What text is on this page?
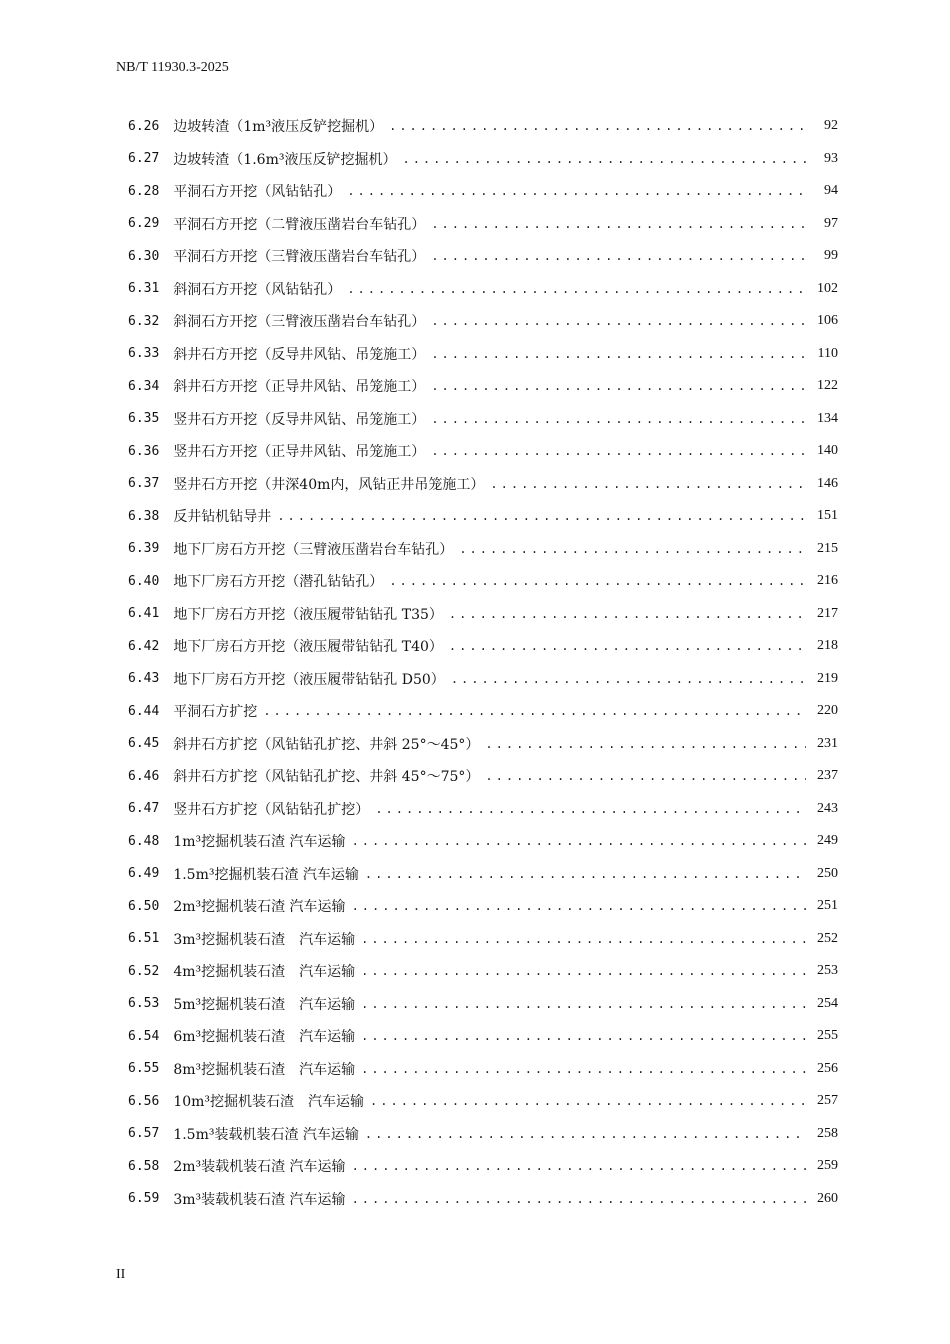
NB/T 11930.3-2025
6.26 边坡转渣（1m³液压反铲挖掘机） .....	92
6.27 边坡转渣（1.6m³液压反铲挖掘机） .....	93
6.28 平洞石方开挖（风钻钻孔） .....	94
6.29 平洞石方开挖（二臂液压凿岩台车钻孔） .....	97
6.30 平洞石方开挖（三臂液压凿岩台车钻孔） .....	99
6.31 斜洞石方开挖（风钻钻孔） .....	102
6.32 斜洞石方开挖（三臂液压凿岩台车钻孔） .....	106
6.33 斜井石方开挖（反导井风钻、吊笼施工） .....	110
6.34 斜井石方开挖（正导井风钻、吊笼施工） .....	122
6.35 竖井石方开挖（反导井风钻、吊笼施工） .....	134
6.36 竖井石方开挖（正导井风钻、吊笼施工） .....	140
6.37 竖井石方开挖（井深40m内，风钻正井吊笼施工） .....	146
6.38 反井钻机钻导井 .....	151
6.39 地下厂房石方开挖（三臂液压凿岩台车钻孔） .....	215
6.40 地下厂房石方开挖（潜孔钻钻孔） .....	216
6.41 地下厂房石方开挖（液压履带钻钻孔 T35） .....	217
6.42 地下厂房石方开挖（液压履带钻钻孔 T40） .....	218
6.43 地下厂房石方开挖（液压履带钻钻孔 D50） .....	219
6.44 平洞石方扩挖 .....	220
6.45 斜井石方扩挖（风钻钻孔扩挖、井斜 25°～45°） .....	231
6.46 斜井石方扩挖（风钻钻孔扩挖、井斜 45°～75°） .....	237
6.47 竖井石方扩挖（风钻钻孔扩挖） .....	243
6.48 1m³挖掘机装石渣 汽车运输 .....	249
6.49 1.5m³挖掘机装石渣 汽车运输 .....	250
6.50 2m³挖掘机装石渣 汽车运输 .....	251
6.51 3m³挖掘机装石渣　汽车运输 .....	252
6.52 4m³挖掘机装石渣　汽车运输 .....	253
6.53 5m³挖掘机装石渣　汽车运输 .....	254
6.54 6m³挖掘机装石渣　汽车运输 .....	255
6.55 8m³挖掘机装石渣　汽车运输 .....	256
6.56 10m³挖掘机装石渣　汽车运输 .....	257
6.57 1.5m³装载机装石渣 汽车运输 .....	258
6.58 2m³装载机装石渣 汽车运输 .....	259
6.59 3m³装载机装石渣 汽车运输 .....	260
II
